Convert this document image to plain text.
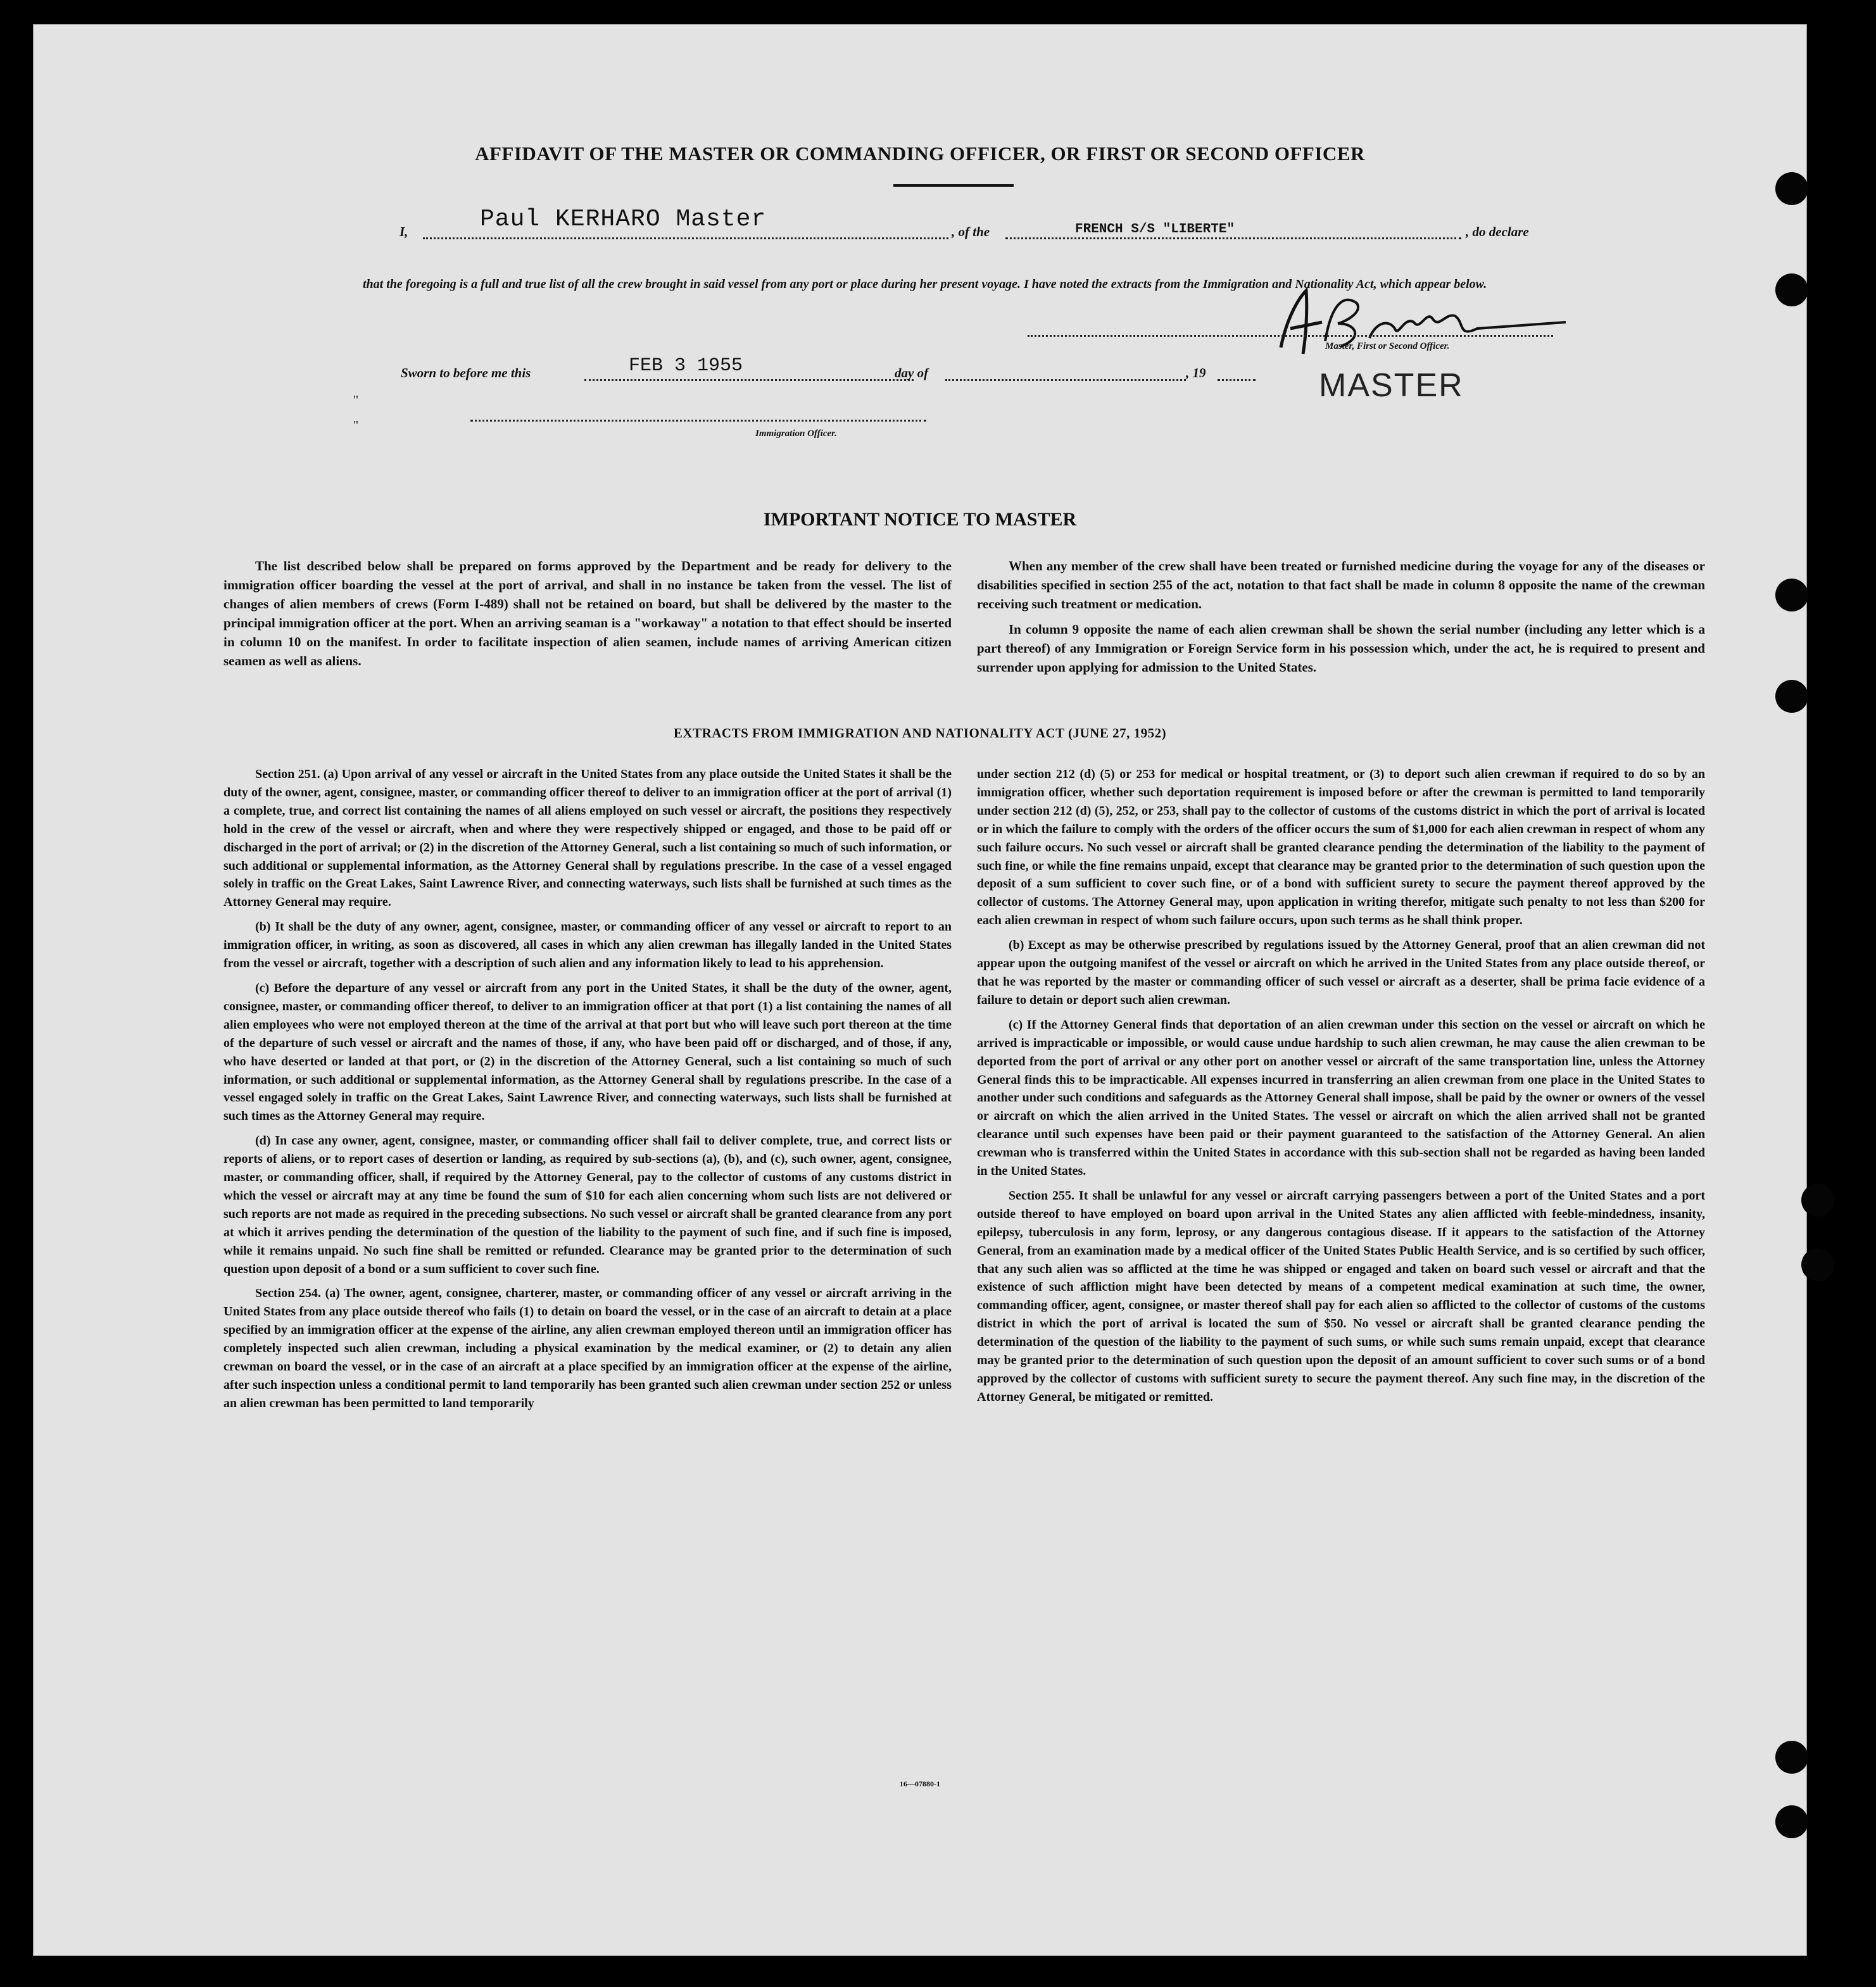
AFFIDAVIT OF THE MASTER OR COMMANDING OFFICER, OR FIRST OR SECOND OFFICER
I,	Paul KERHARO Master	, of the	FRENCH S/S "LIBERTE"	, do declare
that the foregoing is a full and true list of all the crew brought in said vessel from any port or place during her present voyage. I have noted the extracts from the Immigration and Nationality Act, which appear below.
Master, First or Second Officer.
MASTER
Sworn to before me this	FEB 3 1955	day of	, 19
"
"
Immigration Officer.
IMPORTANT NOTICE TO MASTER

The list described below shall be prepared on forms approved by the Department and be ready for delivery to the immigration officer boarding the vessel at the port of arrival, and shall in no instance be taken from the vessel. The list of changes of alien members of crews (Form I-489) shall not be retained on board, but shall be delivered by the master to the principal immigration officer at the port. When an arriving seaman is a "workaway" a notation to that effect should be inserted in column 10 on the manifest. In order to facilitate inspection of alien seamen, include names of arriving American citizen seamen as well as aliens.

When any member of the crew shall have been treated or furnished medicine during the voyage for any of the diseases or disabilities specified in section 255 of the act, notation to that fact shall be made in column 8 opposite the name of the crewman receiving such treatment or medication.

In column 9 opposite the name of each alien crewman shall be shown the serial number (including any letter which is a part thereof) of any Immigration or Foreign Service form in his possession which, under the act, he is required to present and surrender upon applying for admission to the United States.

EXTRACTS FROM IMMIGRATION AND NATIONALITY ACT (JUNE 27, 1952)

Section 251. (a) Upon arrival of any vessel or aircraft in the United States from any place outside the United States it shall be the duty of the owner, agent, consignee, master, or commanding officer thereof to deliver to an immigration officer at the port of arrival (1) a complete, true, and correct list containing the names of all aliens employed on such vessel or aircraft, the positions they respectively hold in the crew of the vessel or aircraft, when and where they were respectively shipped or engaged, and those to be paid off or discharged in the port of arrival; or (2) in the discretion of the Attorney General, such a list containing so much of such information, or such additional or supplemental information, as the Attorney General shall by regulations prescribe. In the case of a vessel engaged solely in traffic on the Great Lakes, Saint Lawrence River, and connecting waterways, such lists shall be furnished at such times as the Attorney General may require.

(b) It shall be the duty of any owner, agent, consignee, master, or commanding officer of any vessel or aircraft to report to an immigration officer, in writing, as soon as discovered, all cases in which any alien crewman has illegally landed in the United States from the vessel or aircraft, together with a description of such alien and any information likely to lead to his apprehension.

(c) Before the departure of any vessel or aircraft from any port in the United States, it shall be the duty of the owner, agent, consignee, master, or commanding officer thereof, to deliver to an immigration officer at that port (1) a list containing the names of all alien employees who were not employed thereon at the time of the arrival at that port but who will leave such port thereon at the time of the departure of such vessel or aircraft and the names of those, if any, who have been paid off or discharged, and of those, if any, who have deserted or landed at that port, or (2) in the discretion of the Attorney General, such a list containing so much of such information, or such additional or supplemental information, as the Attorney General shall by regulations prescribe. In the case of a vessel engaged solely in traffic on the Great Lakes, Saint Lawrence River, and connecting waterways, such lists shall be furnished at such times as the Attorney General may require.

(d) In case any owner, agent, consignee, master, or commanding officer shall fail to deliver complete, true, and correct lists or reports of aliens, or to report cases of desertion or landing, as required by sub-sections (a), (b), and (c), such owner, agent, consignee, master, or commanding officer, shall, if required by the Attorney General, pay to the collector of customs of any customs district in which the vessel or aircraft may at any time be found the sum of $10 for each alien concerning whom such lists are not delivered or such reports are not made as required in the preceding subsections. No such vessel or aircraft shall be granted clearance from any port at which it arrives pending the determination of the question of the liability to the payment of such fine, and if such fine is imposed, while it remains unpaid. No such fine shall be remitted or refunded. Clearance may be granted prior to the determination of such question upon deposit of a bond or a sum sufficient to cover such fine.

Section 254. (a) The owner, agent, consignee, charterer, master, or commanding officer of any vessel or aircraft arriving in the United States from any place outside thereof who fails (1) to detain on board the vessel, or in the case of an aircraft to detain at a place specified by an immigration officer at the expense of the airline, any alien crewman employed thereon until an immigration officer has completely inspected such alien crewman, including a physical examination by the medical examiner, or (2) to detain any alien crewman on board the vessel, or in the case of an aircraft at a place specified by an immigration officer at the expense of the airline, after such inspection unless a conditional permit to land temporarily has been granted such alien crewman under section 252 or unless an alien crewman has been permitted to land temporarily

under section 212 (d) (5) or 253 for medical or hospital treatment, or (3) to deport such alien crewman if required to do so by an immigration officer, whether such deportation requirement is imposed before or after the crewman is permitted to land temporarily under section 212 (d) (5), 252, or 253, shall pay to the collector of customs of the customs district in which the port of arrival is located or in which the failure to comply with the orders of the officer occurs the sum of $1,000 for each alien crewman in respect of whom any such failure occurs. No such vessel or aircraft shall be granted clearance pending the determination of the liability to the payment of such fine, or while the fine remains unpaid, except that clearance may be granted prior to the determination of such question upon the deposit of a sum sufficient to cover such fine, or of a bond with sufficient surety to secure the payment thereof approved by the collector of customs. The Attorney General may, upon application in writing therefor, mitigate such penalty to not less than $200 for each alien crewman in respect of whom such failure occurs, upon such terms as he shall think proper.

(b) Except as may be otherwise prescribed by regulations issued by the Attorney General, proof that an alien crewman did not appear upon the outgoing manifest of the vessel or aircraft on which he arrived in the United States from any place outside thereof, or that he was reported by the master or commanding officer of such vessel or aircraft as a deserter, shall be prima facie evidence of a failure to detain or deport such alien crewman.

(c) If the Attorney General finds that deportation of an alien crewman under this section on the vessel or aircraft on which he arrived is impracticable or impossible, or would cause undue hardship to such alien crewman, he may cause the alien crewman to be deported from the port of arrival or any other port on another vessel or aircraft of the same transportation line, unless the Attorney General finds this to be impracticable. All expenses incurred in transferring an alien crewman from one place in the United States to another under such conditions and safeguards as the Attorney General shall impose, shall be paid by the owner or owners of the vessel or aircraft on which the alien arrived in the United States. The vessel or aircraft on which the alien arrived shall not be granted clearance until such expenses have been paid or their payment guaranteed to the satisfaction of the Attorney General. An alien crewman who is transferred within the United States in accordance with this sub-section shall not be regarded as having been landed in the United States.

Section 255. It shall be unlawful for any vessel or aircraft carrying passengers between a port of the United States and a port outside thereof to have employed on board upon arrival in the United States any alien afflicted with feeble-mindedness, insanity, epilepsy, tuberculosis in any form, leprosy, or any dangerous contagious disease. If it appears to the satisfaction of the Attorney General, from an examination made by a medical officer of the United States Public Health Service, and is so certified by such officer, that any such alien was so afflicted at the time he was shipped or engaged and taken on board such vessel or aircraft and that the existence of such affliction might have been detected by means of a competent medical examination at such time, the owner, commanding officer, agent, consignee, or master thereof shall pay for each alien so afflicted to the collector of customs of the customs district in which the port of arrival is located the sum of $50. No vessel or aircraft shall be granted clearance pending the determination of the question of the liability to the payment of such sums, or while such sums remain unpaid, except that clearance may be granted prior to the determination of such question upon the deposit of an amount sufficient to cover such sums or of a bond approved by the collector of customs with sufficient surety to secure the payment thereof. Any such fine may, in the discretion of the Attorney General, be mitigated or remitted.

16—07880-1
